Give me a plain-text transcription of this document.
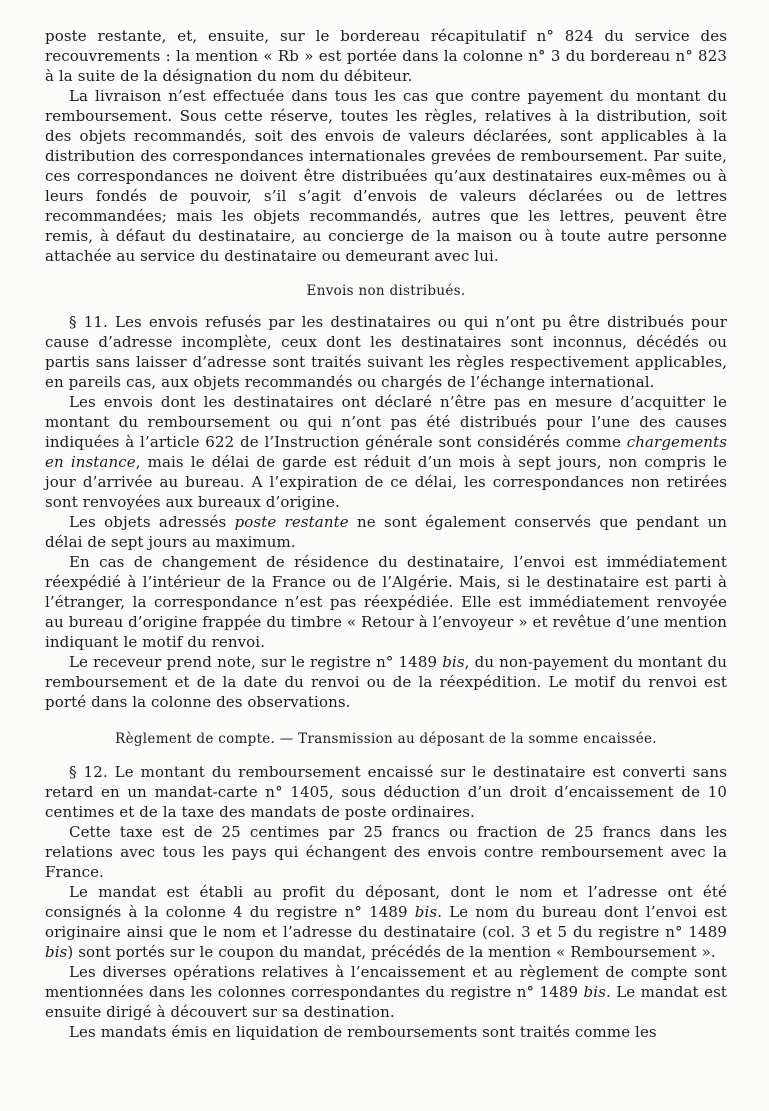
poste restante, et, ensuite, sur le bordereau récapitulatif n° 824 du service des recouvrements : la mention « Rb » est portée dans la colonne n° 3 du bordereau n° 823 à la suite de la désignation du nom du débiteur.

La livraison n’est effectuée dans tous les cas que contre payement du montant du remboursement. Sous cette réserve, toutes les règles, relatives à la distribution, soit des objets recommandés, soit des envois de valeurs déclarées, sont applicables à la distribution des correspondances internationales grevées de remboursement. Par suite, ces correspondances ne doivent être distribuées qu’aux destinataires eux-mêmes ou à leurs fondés de pouvoir, s’il s’agit d’envois de valeurs déclarées ou de lettres recommandées; mais les objets recommandés, autres que les lettres, peuvent être remis, à défaut du destinataire, au concierge de la maison ou à toute autre personne attachée au service du destinataire ou demeurant avec lui.

Envois non distribués.

§ 11. Les envois refusés par les destinataires ou qui n’ont pu être distribués pour cause d’adresse incomplète, ceux dont les destinataires sont inconnus, décédés ou partis sans laisser d’adresse sont traités suivant les règles respectivement applicables, en pareils cas, aux objets recommandés ou chargés de l’échange international.

Les envois dont les destinataires ont déclaré n’être pas en mesure d’acquitter le montant du remboursement ou qui n’ont pas été distribués pour l’une des causes indiquées à l’article 622 de l’Instruction générale sont considérés comme chargements en instance, mais le délai de garde est réduit d’un mois à sept jours, non compris le jour d’arrivée au bureau. A l’expiration de ce délai, les correspondances non retirées sont renvoyées aux bureaux d’origine.

Les objets adressés poste restante ne sont également conservés que pendant un délai de sept jours au maximum.

En cas de changement de résidence du destinataire, l’envoi est immédiatement réexpédié à l’intérieur de la France ou de l’Algérie. Mais, si le destinataire est parti à l’étranger, la correspondance n’est pas réexpédiée. Elle est immédiatement renvoyée au bureau d’origine frappée du timbre « Retour à l’envoyeur » et revêtue d’une mention indiquant le motif du renvoi.

Le receveur prend note, sur le registre n° 1489 bis, du non-payement du montant du remboursement et de la date du renvoi ou de la réexpédition. Le motif du renvoi est porté dans la colonne des observations.

Règlement de compte. — Transmission au déposant de la somme encaissée.

§ 12. Le montant du remboursement encaissé sur le destinataire est converti sans retard en un mandat-carte n° 1405, sous déduction d’un droit d’encaissement de 10 centimes et de la taxe des mandats de poste ordinaires.

Cette taxe est de 25 centimes par 25 francs ou fraction de 25 francs dans les relations avec tous les pays qui échangent des envois contre remboursement avec la France.

Le mandat est établi au profit du déposant, dont le nom et l’adresse ont été consignés à la colonne 4 du registre n° 1489 bis. Le nom du bureau dont l’envoi est originaire ainsi que le nom et l’adresse du destinataire (col. 3 et 5 du registre n° 1489 bis) sont portés sur le coupon du mandat, précédés de la mention « Remboursement ».

Les diverses opérations relatives à l’encaissement et au règlement de compte sont mentionnées dans les colonnes correspondantes du registre n° 1489 bis. Le mandat est ensuite dirigé à découvert sur sa destination.

Les mandats émis en liquidation de remboursements sont traités comme les
